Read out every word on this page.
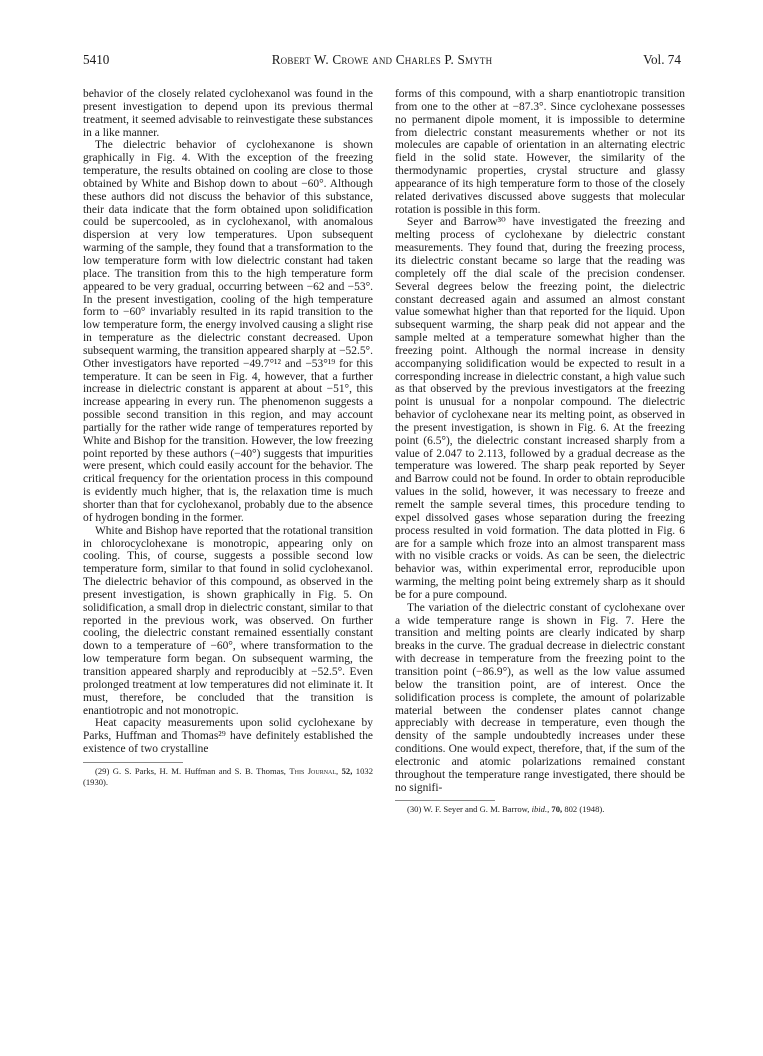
5410	Robert W. Crowe and Charles P. Smyth	Vol. 74

behavior of the closely related cyclohexanol was found in the present investigation to depend upon its previous thermal treatment, it seemed advisable to reinvestigate these substances in a like manner.

The dielectric behavior of cyclohexanone is shown graphically in Fig. 4. With the exception of the freezing temperature, the results obtained on cooling are close to those obtained by White and Bishop down to about −60°. Although these authors did not discuss the behavior of this substance, their data indicate that the form obtained upon solidification could be supercooled, as in cyclohexanol, with anomalous dispersion at very low temperatures. Upon subsequent warming of the sample, they found that a transformation to the low temperature form with low dielectric constant had taken place. The transition from this to the high temperature form appeared to be very gradual, occurring between −62 and −53°. In the present investigation, cooling of the high temperature form to −60° invariably resulted in its rapid transition to the low temperature form, the energy involved causing a slight rise in temperature as the dielectric constant decreased. Upon subsequent warming, the transition appeared sharply at −52.5°. Other investigators have reported −49.7°¹² and −53°¹⁹ for this temperature. It can be seen in Fig. 4, however, that a further increase in dielectric constant is apparent at about −51°, this increase appearing in every run. The phenomenon suggests a possible second transition in this region, and may account partially for the rather wide range of temperatures reported by White and Bishop for the transition. However, the low freezing point reported by these authors (−40°) suggests that impurities were present, which could easily account for the behavior. The critical frequency for the orientation process in this compound is evidently much higher, that is, the relaxation time is much shorter than that for cyclohexanol, probably due to the absence of hydrogen bonding in the former.

White and Bishop have reported that the rotational transition in chlorocyclohexane is monotropic, appearing only on cooling. This, of course, suggests a possible second low temperature form, similar to that found in solid cyclohexanol. The dielectric behavior of this compound, as observed in the present investigation, is shown graphically in Fig. 5. On solidification, a small drop in dielectric constant, similar to that reported in the previous work, was observed. On further cooling, the dielectric constant remained essentially constant down to a temperature of −60°, where transformation to the low temperature form began. On subsequent warming, the transition appeared sharply and reproducibly at −52.5°. Even prolonged treatment at low temperatures did not eliminate it. It must, therefore, be concluded that the transition is enantiotropic and not monotropic.

Heat capacity measurements upon solid cyclohexane by Parks, Huffman and Thomas²⁹ have definitely established the existence of two crystalline

(29) G. S. Parks, H. M. Huffman and S. B. Thomas, This Journal, 52, 1032 (1930).

forms of this compound, with a sharp enantiotropic transition from one to the other at −87.3°. Since cyclohexane possesses no permanent dipole moment, it is impossible to determine from dielectric constant measurements whether or not its molecules are capable of orientation in an alternating electric field in the solid state. However, the similarity of the thermodynamic properties, crystal structure and glassy appearance of its high temperature form to those of the closely related derivatives discussed above suggests that molecular rotation is possible in this form.

Seyer and Barrow³⁰ have investigated the freezing and melting process of cyclohexane by dielectric constant measurements. They found that, during the freezing process, its dielectric constant became so large that the reading was completely off the dial scale of the precision condenser. Several degrees below the freezing point, the dielectric constant decreased again and assumed an almost constant value somewhat higher than that reported for the liquid. Upon subsequent warming, the sharp peak did not appear and the sample melted at a temperature somewhat higher than the freezing point. Although the normal increase in density accompanying solidification would be expected to result in a corresponding increase in dielectric constant, a high value such as that observed by the previous investigators at the freezing point is unusual for a nonpolar compound. The dielectric behavior of cyclohexane near its melting point, as observed in the present investigation, is shown in Fig. 6. At the freezing point (6.5°), the dielectric constant increased sharply from a value of 2.047 to 2.113, followed by a gradual decrease as the temperature was lowered. The sharp peak reported by Seyer and Barrow could not be found. In order to obtain reproducible values in the solid, however, it was necessary to freeze and remelt the sample several times, this procedure tending to expel dissolved gases whose separation during the freezing process resulted in void formation. The data plotted in Fig. 6 are for a sample which froze into an almost transparent mass with no visible cracks or voids. As can be seen, the dielectric behavior was, within experimental error, reproducible upon warming, the melting point being extremely sharp as it should be for a pure compound.

The variation of the dielectric constant of cyclohexane over a wide temperature range is shown in Fig. 7. Here the transition and melting points are clearly indicated by sharp breaks in the curve. The gradual decrease in dielectric constant with decrease in temperature from the freezing point to the transition point (−86.9°), as well as the low value assumed below the transition point, are of interest. Once the solidification process is complete, the amount of polarizable material between the condenser plates cannot change appreciably with decrease in temperature, even though the density of the sample undoubtedly increases under these conditions. One would expect, therefore, that, if the sum of the electronic and atomic polarizations remained constant throughout the temperature range investigated, there should be no signifi-

(30) W. F. Seyer and G. M. Barrow, ibid., 70, 802 (1948).
